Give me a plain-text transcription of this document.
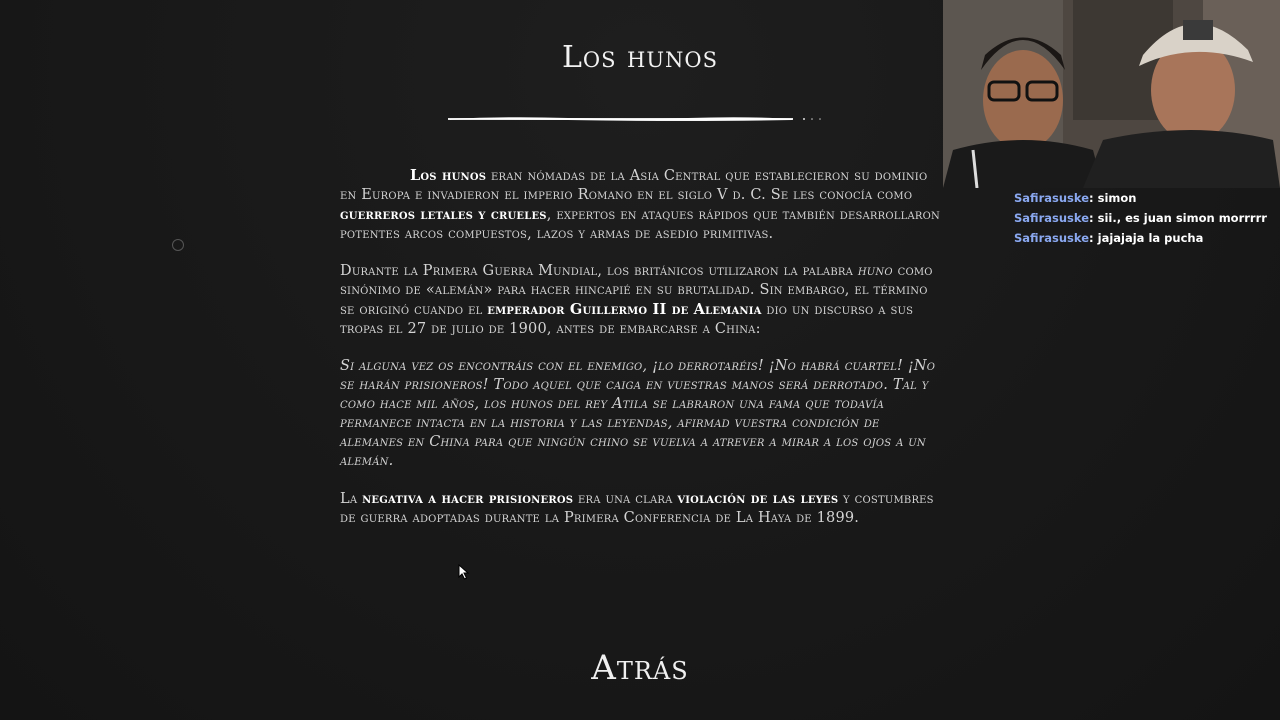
Los hunos

Los hunos eran nómadas de la Asia Central que establecieron su dominio en Europa e invadieron el imperio Romano en el siglo V d. C. Se les conocía como guerreros letales y crueles, expertos en ataques rápidos que también desarrollaron potentes arcos compuestos, lazos y armas de asedio primitivas.

Durante la Primera Guerra Mundial, los británicos utilizaron la palabra huno como sinónimo de «alemán» para hacer hincapié en su brutalidad. Sin embargo, el término se originó cuando el emperador Guillermo II de Alemania dio un discurso a sus tropas el 27 de julio de 1900, antes de embarcarse a China:

Si alguna vez os encontráis con el enemigo, ¡lo derrotaréis! ¡No habrá cuartel! ¡No se harán prisioneros! Todo aquel que caiga en vuestras manos será derrotado. Tal y como hace mil años, los hunos del rey Atila se labraron una fama que todavía permanece intacta en la historia y las leyendas, afirmad vuestra condición de alemanes en China para que ningún chino se vuelva a atrever a mirar a los ojos a un alemán.

La negativa a hacer prisioneros era una clara violación de las leyes y costumbres de guerra adoptadas durante la Primera Conferencia de La Haya de 1899.

Atrás
Safirasuske: simon
Safirasuske: sii., es juan simon morrrrr
Safirasuske: jajajaja la pucha
